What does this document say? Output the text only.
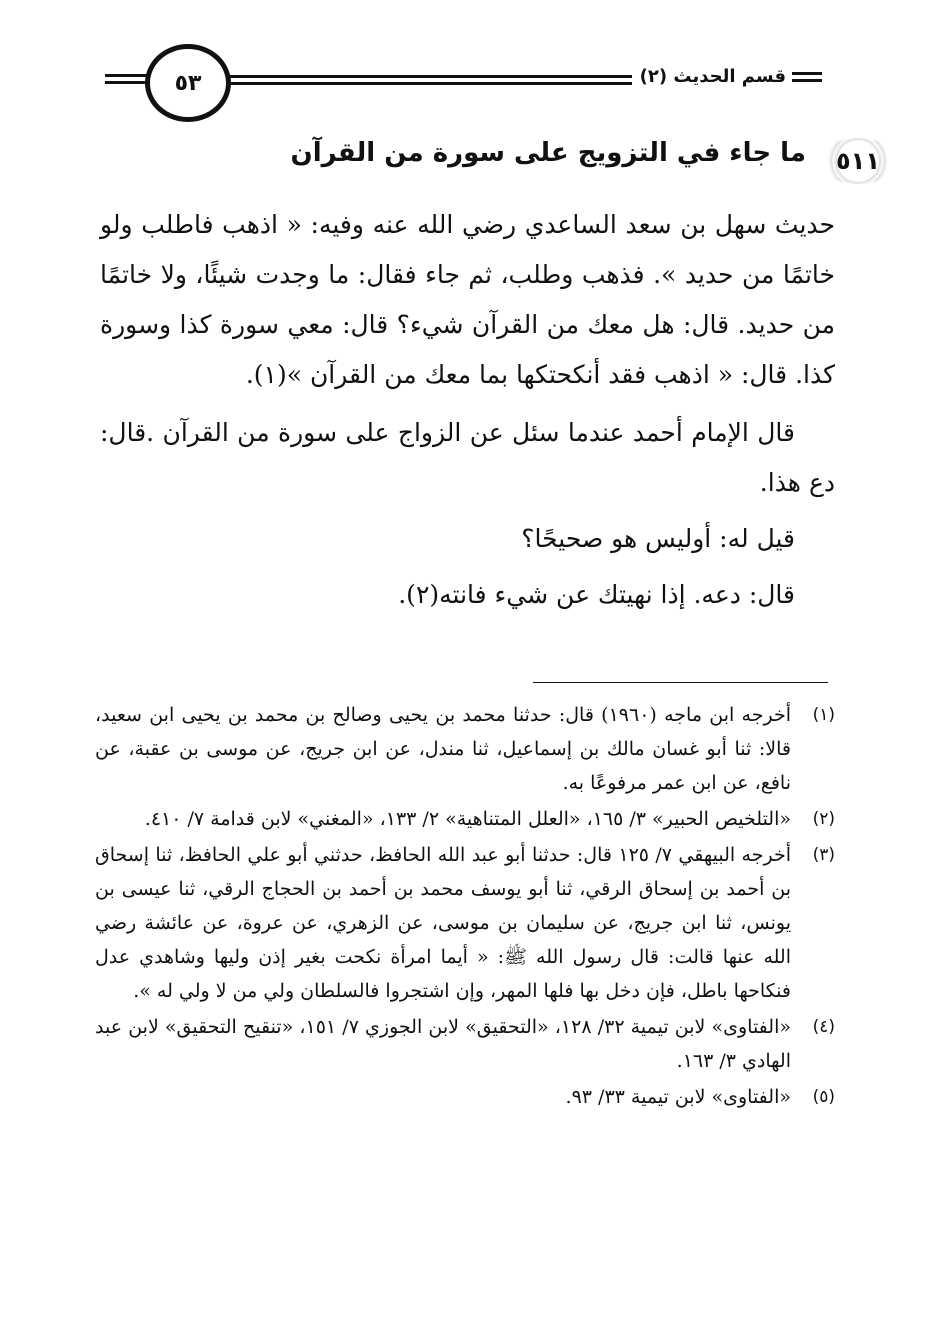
٥٣	قسم الحديث (٢)
٥١١
ما جاء في التزويج على سورة من القرآن

حديث سهل بن سعد الساعدي رضي الله عنه وفيه: « اذهب فاطلب ولو خاتمًا من حديد ». فذهب وطلب، ثم جاء فقال: ما وجدت شيئًا، ولا خاتمًا من حديد. قال: هل معك من القرآن شيء؟ قال: معي سورة كذا وسورة كذا. قال: « اذهب فقد أنكحتكها بما معك من القرآن »(١).

قال الإمام أحمد عندما سئل عن الزواج على سورة من القرآن .قال: دع هذا.

قيل له: أوليس هو صحيحًا؟

قال: دعه. إذا نهيتك عن شيء فانته(٢).

(١)
أخرجه ابن ماجه (١٩٦٠) قال: حدثنا محمد بن يحيى وصالح بن محمد بن يحيى ابن سعيد، قالا: ثنا أبو غسان مالك بن إسماعيل، ثنا مندل، عن ابن جريج، عن موسى بن عقبة، عن نافع، عن ابن عمر مرفوعًا به.
(٢)
«التلخيص الحبير» ٣/ ١٦٥، «العلل المتناهية» ٢/ ١٣٣، «المغني» لابن قدامة ٧/ ٤١٠.
(٣)
أخرجه البيهقي ٧/ ١٢٥ قال: حدثنا أبو عبد الله الحافظ، حدثني أبو علي الحافظ، ثنا إسحاق بن أحمد بن إسحاق الرقي، ثنا أبو يوسف محمد بن أحمد بن الحجاج الرقي، ثنا عيسى بن يونس، ثنا ابن جريج، عن سليمان بن موسى، عن الزهري، عن عروة، عن عائشة رضي الله عنها قالت: قال رسول الله ﷺ: « أيما امرأة نكحت بغير إذن وليها وشاهدي عدل فنكاحها باطل، فإن دخل بها فلها المهر، وإن اشتجروا فالسلطان ولي من لا ولي له ».
(٤)
«الفتاوى» لابن تيمية ٣٢/ ١٢٨، «التحقيق» لابن الجوزي ٧/ ١٥١، «تنقيح التحقيق» لابن عبد الهادي ٣/ ١٦٣.
(٥)
«الفتاوى» لابن تيمية ٣٣/ ٩٣.
